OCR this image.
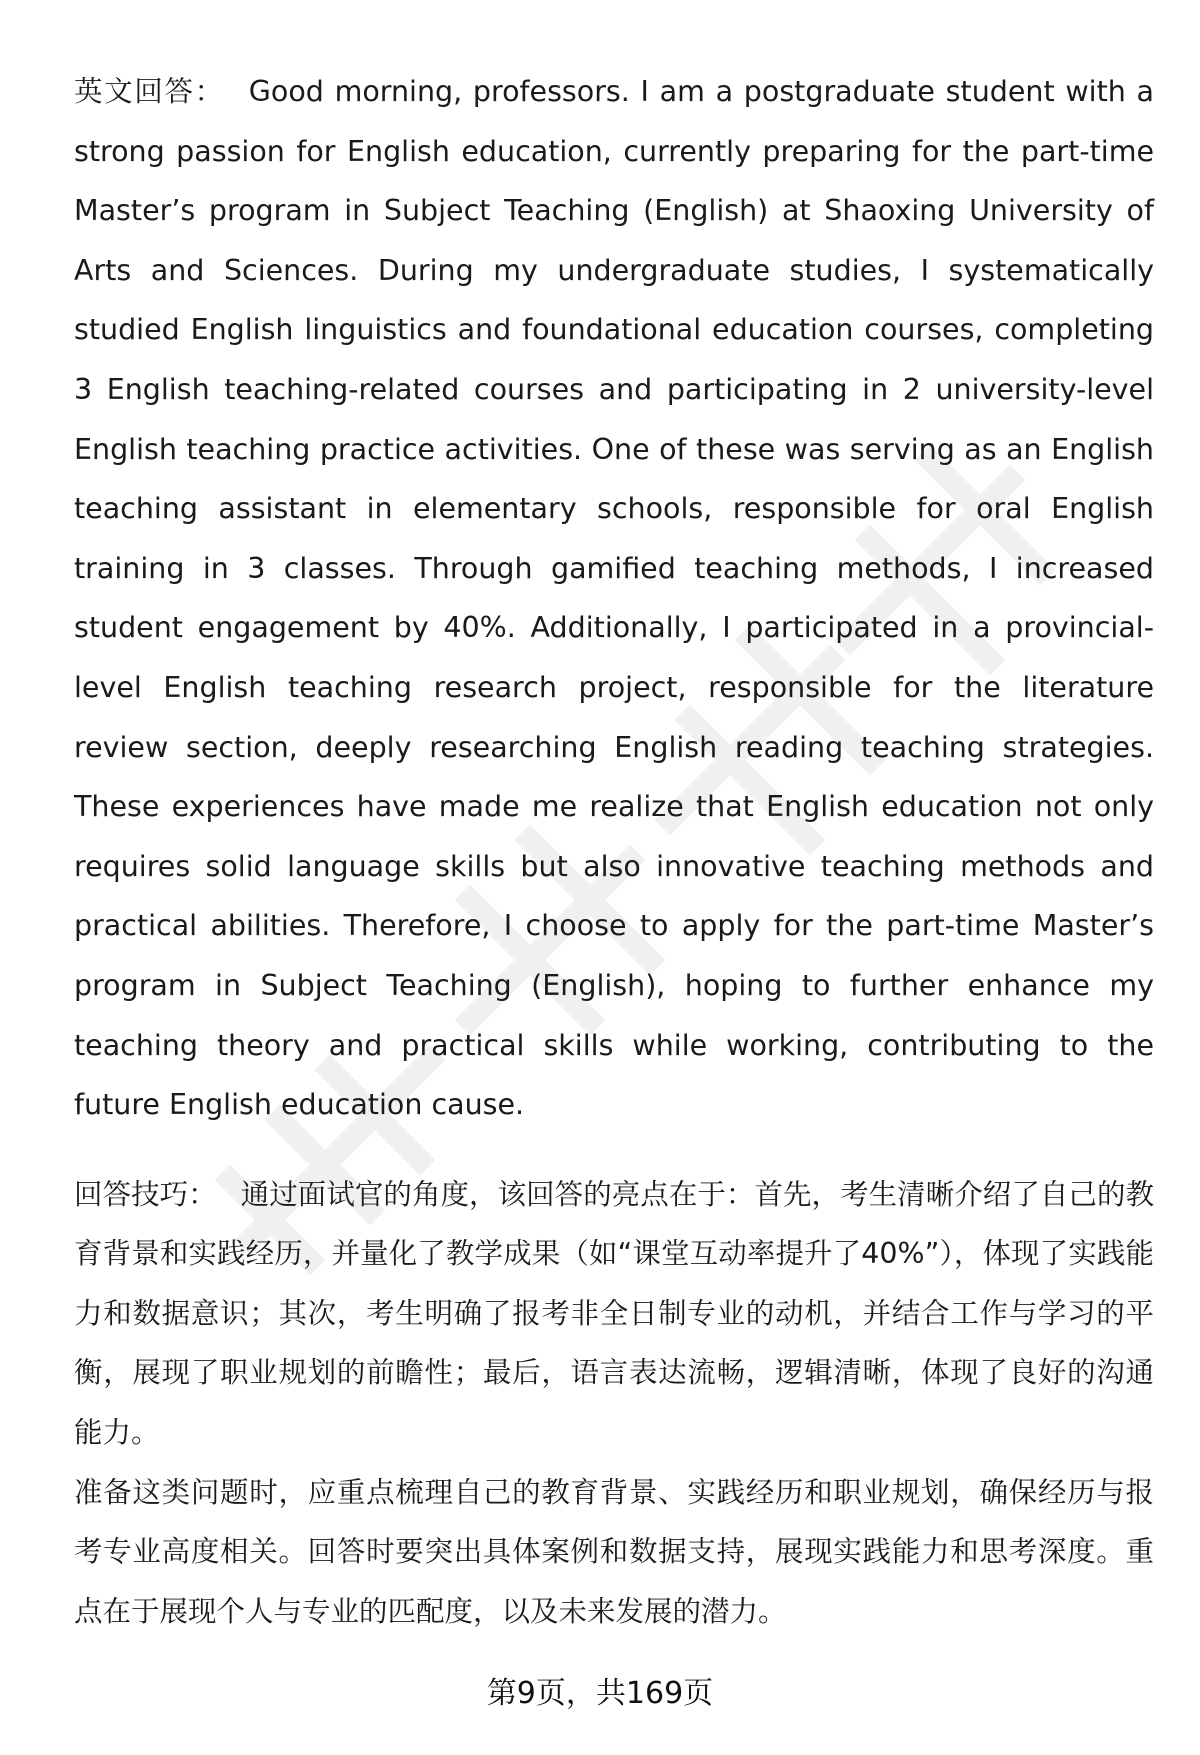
英文回答： Good morning, professors. I am a postgraduate student with a strong passion for English education, currently preparing for the part-time Master’s program in Subject Teaching (English) at Shaoxing University of Arts and Sciences. During my undergraduate studies, I systematically studied English linguistics and foundational education courses, completing 3 English teaching-related courses and participating in 2 university-level English teaching practice activities. One of these was serving as an English teaching assistant in elementary schools, responsible for oral English training in 3 classes. Through gamified teaching methods, I increased student engagement by 40%. Additionally, I participated in a provincial-level English teaching research project, responsible for the literature review section, deeply researching English reading teaching strategies. These experiences have made me realize that English education not only requires solid language skills but also innovative teaching methods and practical abilities. Therefore, I choose to apply for the part-time Master’s program in Subject Teaching (English), hoping to further enhance my teaching theory and practical skills while working, contributing to the future English education cause.

回答技巧： 通过面试官的角度，该回答的亮点在于：首先，考生清晰介绍了自己的教育背景和实践经历，并量化了教学成果（如“课堂互动率提升了40%”），体现了实践能力和数据意识；其次，考生明确了报考非全日制专业的动机，并结合工作与学习的平衡，展现了职业规划的前瞻性；最后，语言表达流畅，逻辑清晰，体现了良好的沟通能力。

准备这类问题时，应重点梳理自己的教育背景、实践经历和职业规划，确保经历与报考专业高度相关。回答时要突出具体案例和数据支持，展现实践能力和思考深度。重点在于展现个人与专业的匹配度，以及未来发展的潜力。

第9页，共169页
